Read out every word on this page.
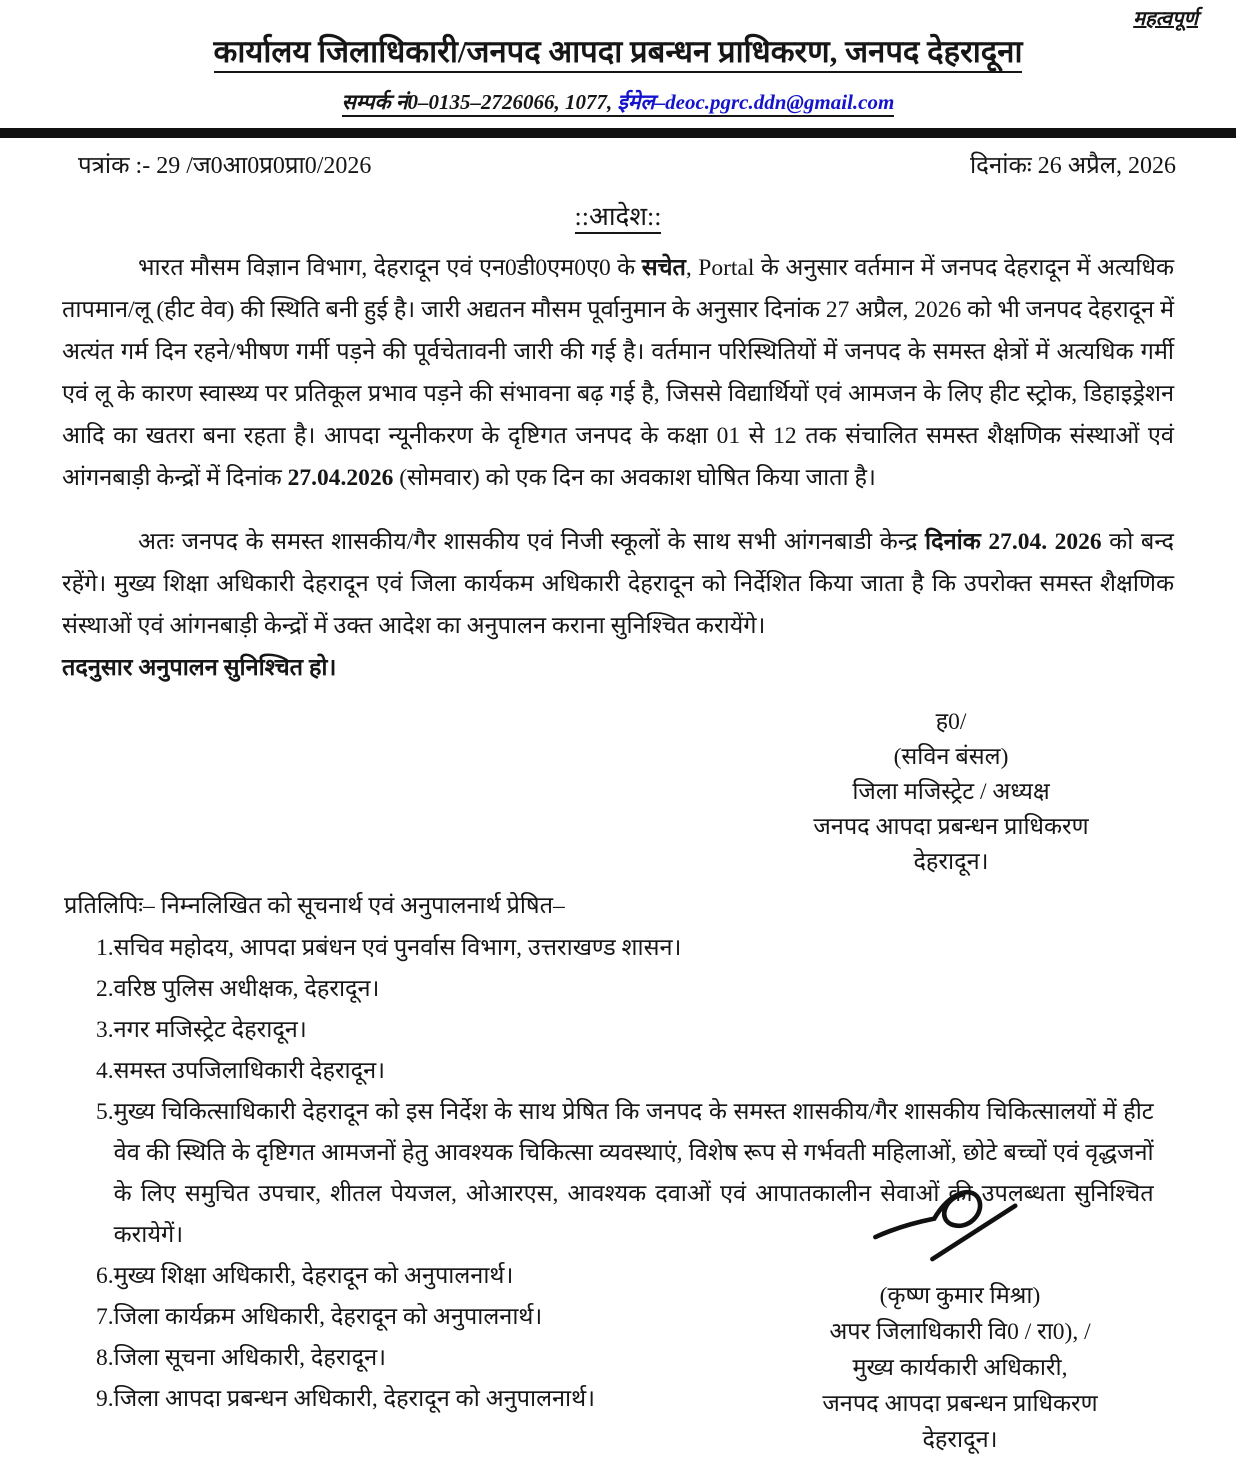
महत्वपूर्ण
कार्यालय जिलाधिकारी/जनपद आपदा प्रबन्धन प्राधिकरण, जनपद देहरादूना
सम्पर्क नं0–0135–2726066, 1077, ईमेल–deoc.pgrc.ddn@gmail.com
पत्रांक :- 29 /ज0आ0प्र0प्रा0/2026	दिनांकः 26 अप्रैल, 2026
::आदेश::

भारत मौसम विज्ञान विभाग, देहरादून एवं एन0डी0एम0ए0 के सचेत, Portal के अनुसार वर्तमान में जनपद देहरादून में अत्यधिक तापमान/लू (हीट वेव) की स्थिति बनी हुई है। जारी अद्यतन मौसम पूर्वानुमान के अनुसार दिनांक 27 अप्रैल, 2026 को भी जनपद देहरादून में अत्यंत गर्म दिन रहने/भीषण गर्मी पड़ने की पूर्वचेतावनी जारी की गई है। वर्तमान परिस्थितियों में जनपद के समस्त क्षेत्रों में अत्यधिक गर्मी एवं लू के कारण स्वास्थ्य पर प्रतिकूल प्रभाव पड़ने की संभावना बढ़ गई है, जिससे विद्यार्थियों एवं आमजन के लिए हीट स्ट्रोक, डिहाइड्रेशन आदि का खतरा बना रहता है। आपदा न्यूनीकरण के दृष्टिगत जनपद के कक्षा 01 से 12 तक संचालित समस्त शैक्षणिक संस्थाओं एवं आंगनबाड़ी केन्द्रों में दिनांक 27.04.2026 (सोमवार) को एक दिन का अवकाश घोषित किया जाता है।

अतः जनपद के समस्त शासकीय/गैर शासकीय एवं निजी स्कूलों के साथ सभी आंगनबाडी केन्द्र दिनांक 27.04. 2026 को बन्द रहेंगे। मुख्य शिक्षा अधिकारी देहरादून एवं जिला कार्यकम अधिकारी देहरादून को निर्देशित किया जाता है कि उपरोक्त समस्त शैक्षणिक संस्थाओं एवं आंगनबाड़ी केन्द्रों में उक्त आदेश का अनुपालन कराना सुनिश्चित करायेंगे।

तदनुसार अनुपालन सुनिश्चित हो।

ह0/
(सविन बंसल)
जिला मजिस्ट्रेट / अध्यक्ष
जनपद आपदा प्रबन्धन प्राधिकरण
देहरादून।
प्रतिलिपिः– निम्नलिखित को सूचनार्थ एवं अनुपालनार्थ प्रेषित–
1. सचिव महोदय, आपदा प्रबंधन एवं पुनर्वास विभाग, उत्तराखण्ड शासन।
2. वरिष्ठ पुलिस अधीक्षक, देहरादून।
3. नगर मजिस्ट्रेट देहरादून।
4. समस्त उपजिलाधिकारी देहरादून।
5. मुख्य चिकित्साधिकारी देहरादून को इस निर्देश के साथ प्रेषित कि जनपद के समस्त शासकीय/गैर शासकीय चिकित्सालयों में हीट वेव की स्थिति के दृष्टिगत आमजनों हेतु आवश्यक चिकित्सा व्यवस्थाएं, विशेष रूप से गर्भवती महिलाओं, छोटे बच्चों एवं वृद्धजनों के लिए समुचित उपचार, शीतल पेयजल, ओआरएस, आवश्यक दवाओं एवं आपातकालीन सेवाओं की उपलब्धता सुनिश्चित करायेगें।
6. मुख्य शिक्षा अधिकारी, देहरादून को अनुपालनार्थ।
7. जिला कार्यक्रम अधिकारी, देहरादून को अनुपालनार्थ।
8. जिला सूचना अधिकारी, देहरादून।
9. जिला आपदा प्रबन्धन अधिकारी, देहरादून को अनुपालनार्थ।
(कृष्ण कुमार मिश्रा)
अपर जिलाधिकारी वि0 / रा0), /
मुख्य कार्यकारी अधिकारी,
जनपद आपदा प्रबन्धन प्राधिकरण
देहरादून।
